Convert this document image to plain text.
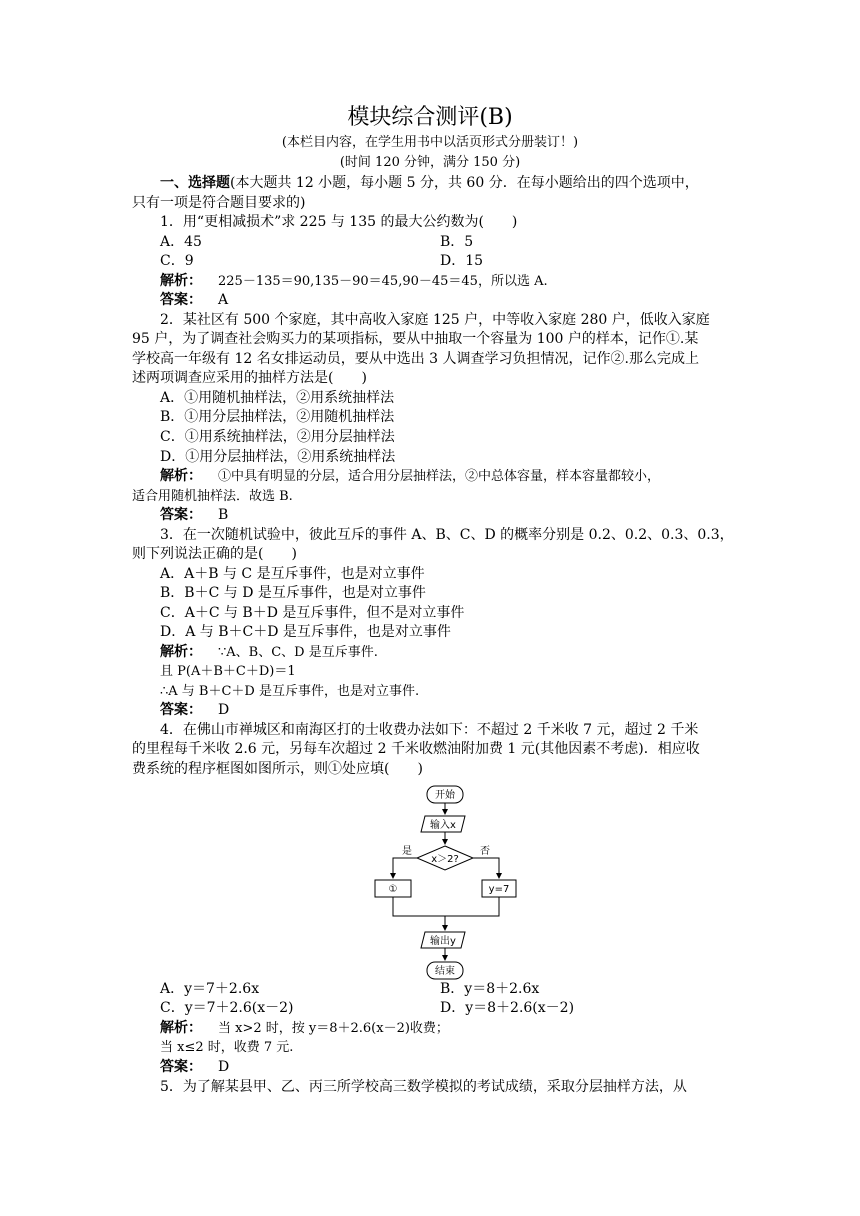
模块综合测评(B)
(本栏目内容，在学生用书中以活页形式分册装订！)
(时间 120 分钟，满分 150 分)
一、选择题(本大题共 12 小题，每小题 5 分，共 60 分．在每小题给出的四个选项中，
只有一项是符合题目要求的)
1．用“更相减损术”求 225 与 135 的最大公约数为(　　)
A．45	B．5
C．9	D．15
解析： 225－135＝90,135－90＝45,90－45＝45，所以选 A.
答案： A
2．某社区有 500 个家庭，其中高收入家庭 125 户，中等收入家庭 280 户，低收入家庭
95 户，为了调查社会购买力的某项指标，要从中抽取一个容量为 100 户的样本，记作①.某
学校高一年级有 12 名女排运动员，要从中选出 3 人调查学习负担情况，记作②.那么完成上
述两项调查应采用的抽样方法是(　　)
A．①用随机抽样法，②用系统抽样法
B．①用分层抽样法，②用随机抽样法
C．①用系统抽样法，②用分层抽样法
D．①用分层抽样法，②用系统抽样法
解析： ①中具有明显的分层，适合用分层抽样法，②中总体容量，样本容量都较小，
适合用随机抽样法．故选 B.
答案： B
3．在一次随机试验中，彼此互斥的事件 A、B、C、D 的概率分别是 0.2、0.2、0.3、0.3，
则下列说法正确的是(　　)
A．A＋B 与 C 是互斥事件，也是对立事件
B．B＋C 与 D 是互斥事件，也是对立事件
C．A＋C 与 B＋D 是互斥事件，但不是对立事件
D．A 与 B＋C＋D 是互斥事件，也是对立事件
解析： ∵A、B、C、D 是互斥事件.
且 P(A＋B＋C＋D)＝1
∴A 与 B＋C＋D 是互斥事件，也是对立事件.
答案： D
4．在佛山市禅城区和南海区打的士收费办法如下：不超过 2 千米收 7 元，超过 2 千米
的里程每千米收 2.6 元，另每车次超过 2 千米收燃油附加费 1 元(其他因素不考虑)．相应收
费系统的程序框图如图所示，则①处应填(　　)
开始
输入x
x＞2?
是	否
①	y=7
输出y
结束
A．y＝7＋2.6x	B．y＝8＋2.6x
C．y＝7＋2.6(x－2)	D．y＝8＋2.6(x－2)
解析： 当 x>2 时，按 y＝8＋2.6(x－2)收费；
当 x≤2 时，收费 7 元.
答案： D
5．为了解某县甲、乙、丙三所学校高三数学模拟的考试成绩，采取分层抽样方法，从
